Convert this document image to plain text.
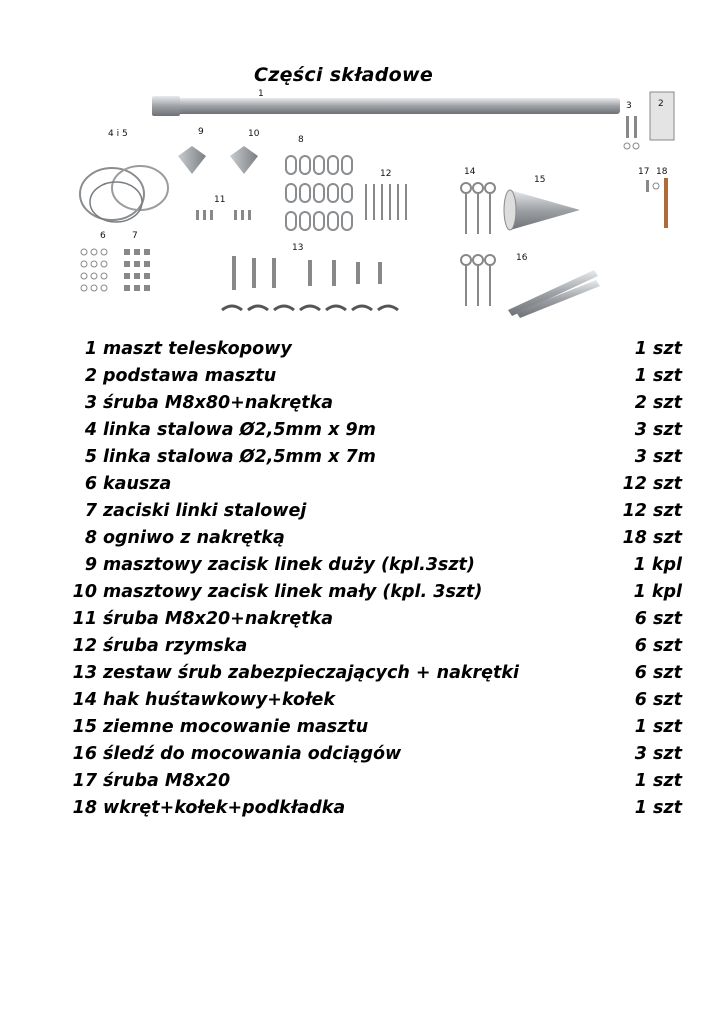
Części składowe
1
2
3
4 i 5	9	10
8
11
12	14
15
17 18
6	7
13
16
1 maszt teleskopowy	1 szt
2 podstawa masztu	1 szt
3 śruba M8x80+nakrętka	2 szt
4 linka stalowa Ø2,5mm x 9m	3 szt
5 linka stalowa Ø2,5mm x 7m	3 szt
6 kausza	12 szt
7 zaciski linki stalowej	12 szt
8 ogniwo z nakrętką	18 szt
9 masztowy zacisk linek duży (kpl.3szt)	1 kpl
10 masztowy zacisk linek mały (kpl. 3szt)	1 kpl
11 śruba M8x20+nakrętka	6 szt
12 śruba rzymska	6 szt
13 zestaw śrub zabezpieczających + nakrętki	6 szt
14 hak huśtawkowy+kołek	6 szt
15 ziemne mocowanie masztu	1 szt
16 śledź do mocowania odciągów	3 szt
17 śruba M8x20	1 szt
18 wkręt+kołek+podkładka	1 szt
